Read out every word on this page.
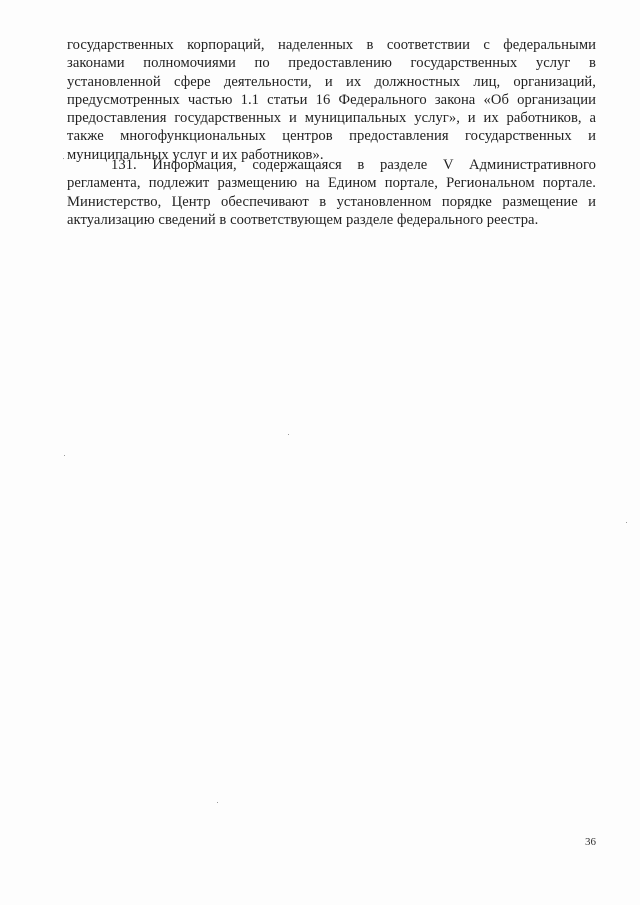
государственных корпораций, наделенных в соответствии с федеральными
законами полномочиями по предоставлению государственных услуг в
установленной сфере деятельности, и их должностных лиц, организаций,
предусмотренных частью 1.1 статьи 16 Федерального закона «Об организации
предоставления государственных и муниципальных услуг», и их работников, а
также многофункциональных центров предоставления государственных и
муниципальных услуг и их работников».
131. Информация, содержащаяся в разделе V Административного
регламента, подлежит размещению на Едином портале, Региональном портале.
Министерство, Центр обеспечивают в установленном порядке размещение и
актуализацию сведений в соответствующем разделе федерального реестра.
36
